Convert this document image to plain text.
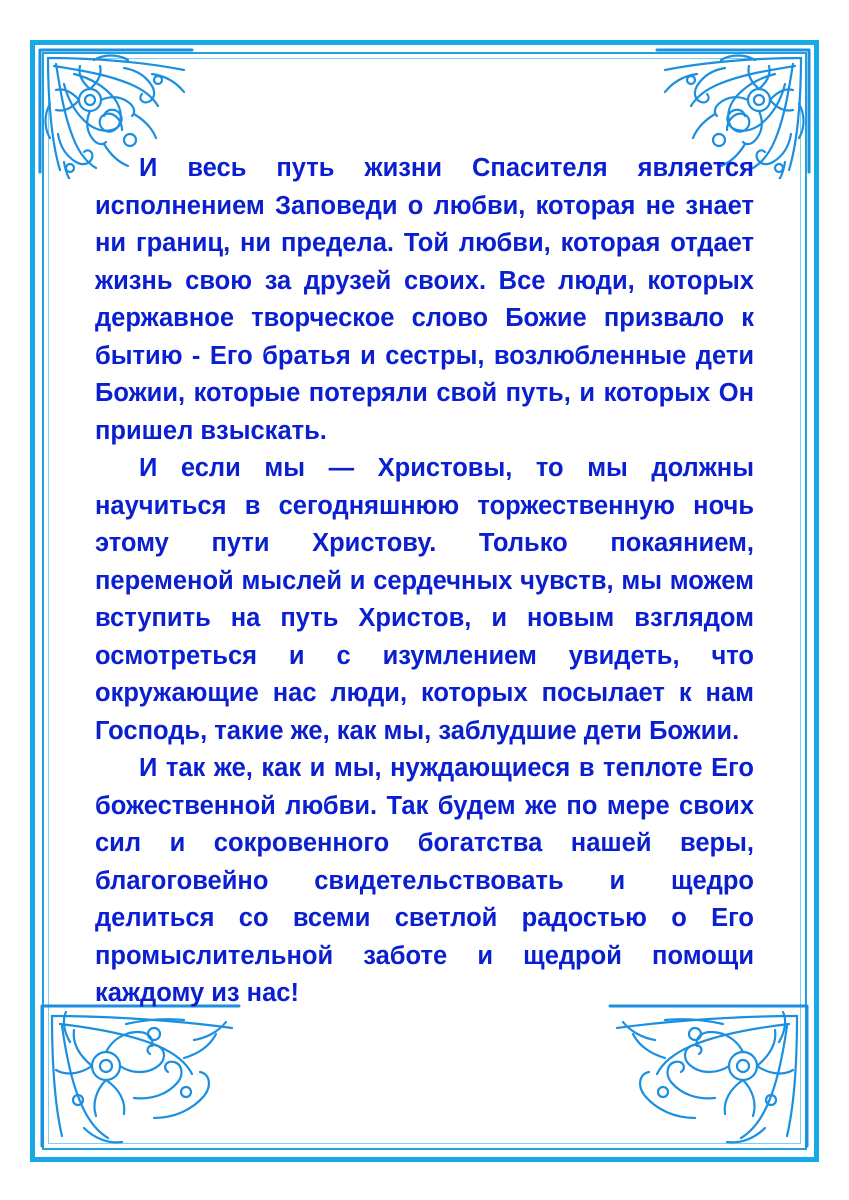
И весь путь жизни Спасителя является исполнением Заповеди о любви, которая не знает ни границ, ни предела. Той любви, которая отдает жизнь свою за друзей своих. Все люди, которых державное творческое слово Божие призвало к бытию - Его братья и сестры, возлюбленные дети Божии, которые потеряли свой путь, и которых Он пришел взыскать.

И если мы — Христовы, то мы должны научиться в сегодняшнюю торжественную ночь этому пути Христову. Только покаянием, переменой мыслей и сердечных чувств, мы можем вступить на путь Христов, и новым взглядом осмотреться и с изумлением увидеть, что окружающие нас люди, которых посылает к нам Господь, такие же, как мы, заблудшие дети Божии.

И так же, как и мы, нуждающиеся в теплоте Его божественной любви. Так будем же по мере своих сил и сокровенного богатства нашей веры, благоговейно свидетельствовать и щедро делиться со всеми светлой радостью о Его промыслительной заботе и щедрой помощи каждому из нас!
